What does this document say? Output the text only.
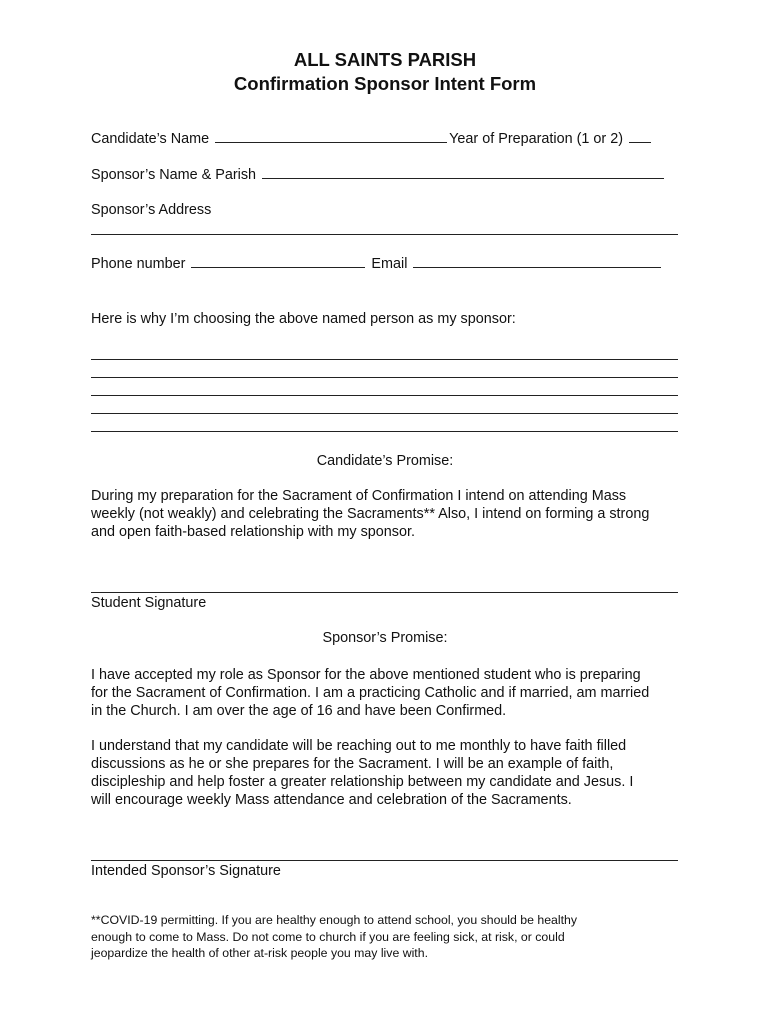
ALL SAINTS PARISH
Confirmation Sponsor Intent Form
Candidate’s Name	Year of Preparation (1 or 2)
Sponsor’s Name & Parish
Sponsor’s Address
Phone number	Email
Here is why I’m choosing the above named person as my sponsor:
Candidate’s Promise:
During my preparation for the Sacrament of Confirmation I intend on attending Mass
weekly (not weakly) and celebrating the Sacraments** Also, I intend on forming a strong
and open faith-based relationship with my sponsor.
Student Signature
Sponsor’s Promise:
I have accepted my role as Sponsor for the above mentioned student who is preparing
for the Sacrament of Confirmation. I am a practicing Catholic and if married, am married
in the Church. I am over the age of 16 and have been Confirmed.
I understand that my candidate will be reaching out to me monthly to have faith filled
discussions as he or she prepares for the Sacrament. I will be an example of faith,
discipleship and help foster a greater relationship between my candidate and Jesus. I
will encourage weekly Mass attendance and celebration of the Sacraments.
Intended Sponsor’s Signature
**COVID-19 permitting. If you are healthy enough to attend school, you should be healthy
enough to come to Mass. Do not come to church if you are feeling sick, at risk, or could
jeopardize the health of other at-risk people you may live with.
